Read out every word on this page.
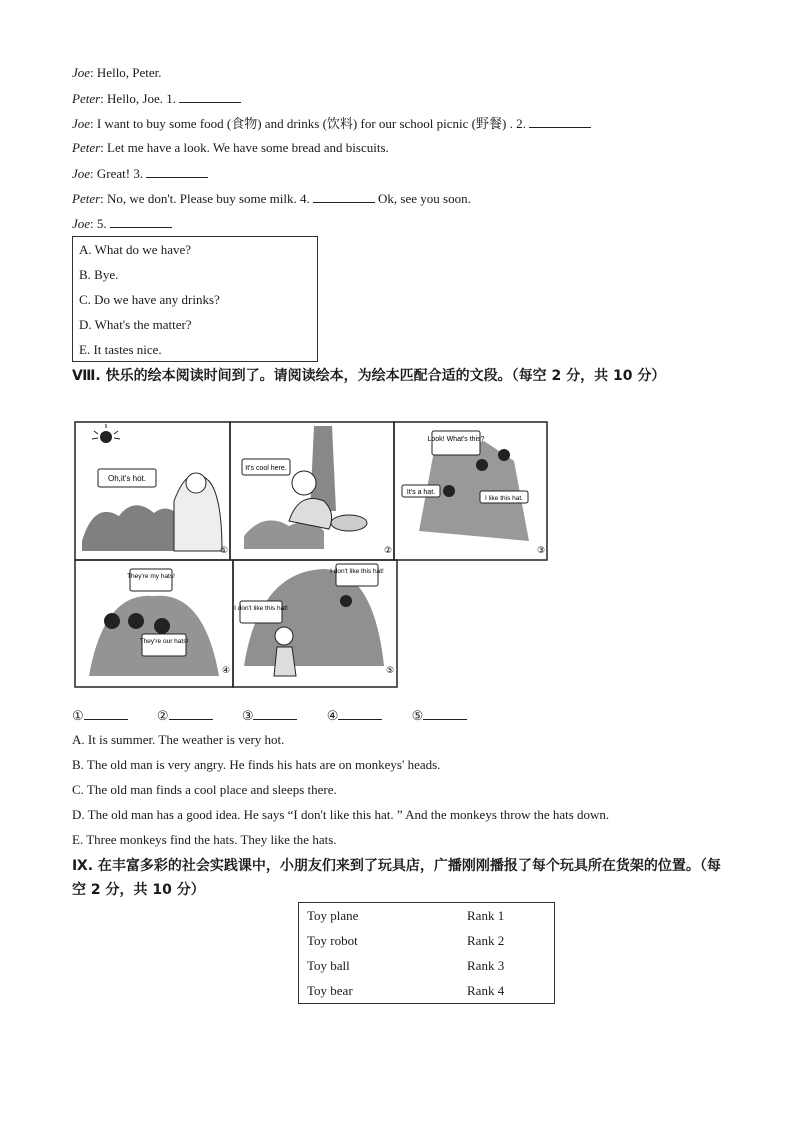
Joe: Hello, Peter.
Peter: Hello, Joe. 1.
Joe: I want to buy some food (食物) and drinks (饮料) for our school picnic (野餐) . 2.
Peter: Let me have a look. We have some bread and biscuits.
Joe: Great! 3.
Peter: No, we don't. Please buy some milk. 4.	Ok, see you soon.
Joe: 5.
A. What do we have?
B. Bye.
C. Do we have any drinks?
D. What's the matter?
E. It tastes nice.
Ⅷ. 快乐的绘本阅读时间到了。请阅读绘本，为绘本匹配合适的文段。（每空 2 分，共 10 分）
Oh,it's hot.
①
It's cool here.
②
Look! What's this?
It's a hat.
I like this hat.
③
They're my hats!
They're our hats!
④
I don't like this hat!
I don't like this hat!
⑤
①	②	③	④	⑤
A. It is summer. The weather is very hot.
B. The old man is very angry. He finds his hats are on monkeys' heads.
C. The old man finds a cool place and sleeps there.
D. The old man has a good idea. He says “I don't like this hat. ” And the monkeys throw the hats down.
E. Three monkeys find the hats. They like the hats.
Ⅸ. 在丰富多彩的社会实践课中，小朋友们来到了玩具店，广播刚刚播报了每个玩具所在货架的位置。（每空 2 分，共 10 分）
Toy plane	Rank 1
Toy robot	Rank 2
Toy ball	Rank 3
Toy bear	Rank 4
